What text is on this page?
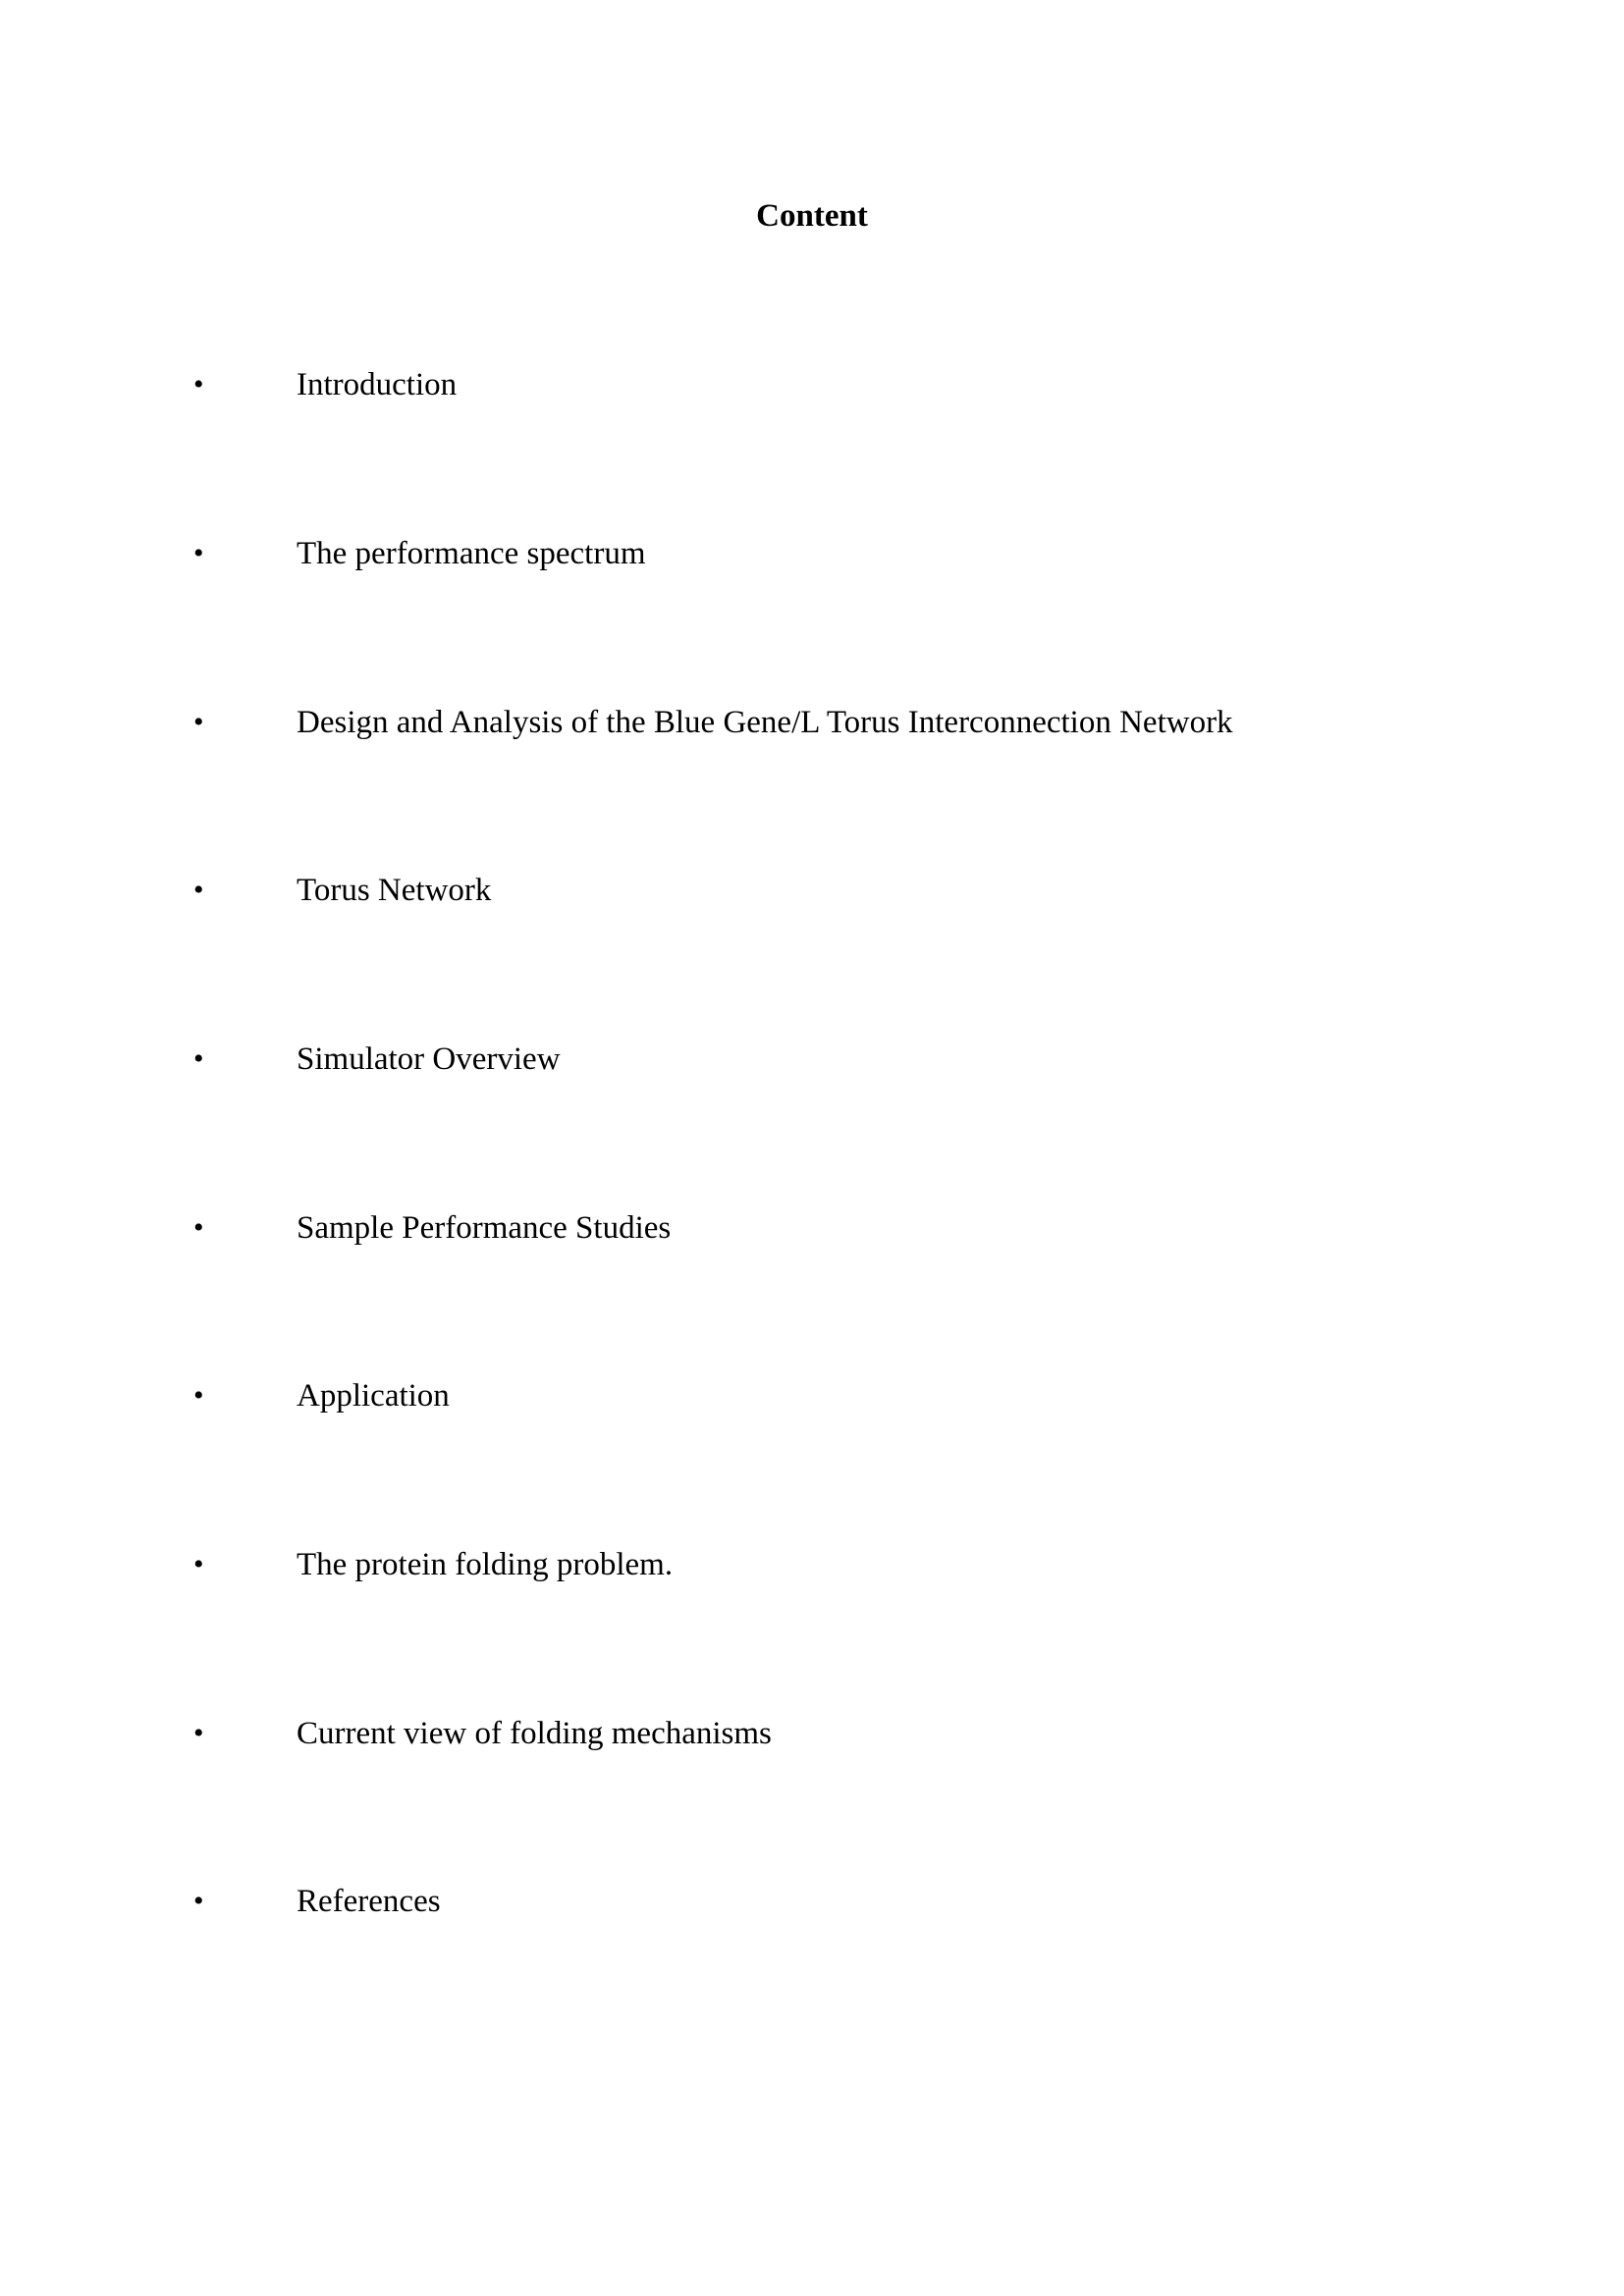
Content
•	Introduction
•	The performance spectrum
•	Design and Analysis of the Blue Gene/L Torus Interconnection Network
•	Torus Network
•	Simulator Overview
•	Sample Performance Studies
•	Application
•	The protein folding problem.
•	Current view of folding mechanisms
•	References
